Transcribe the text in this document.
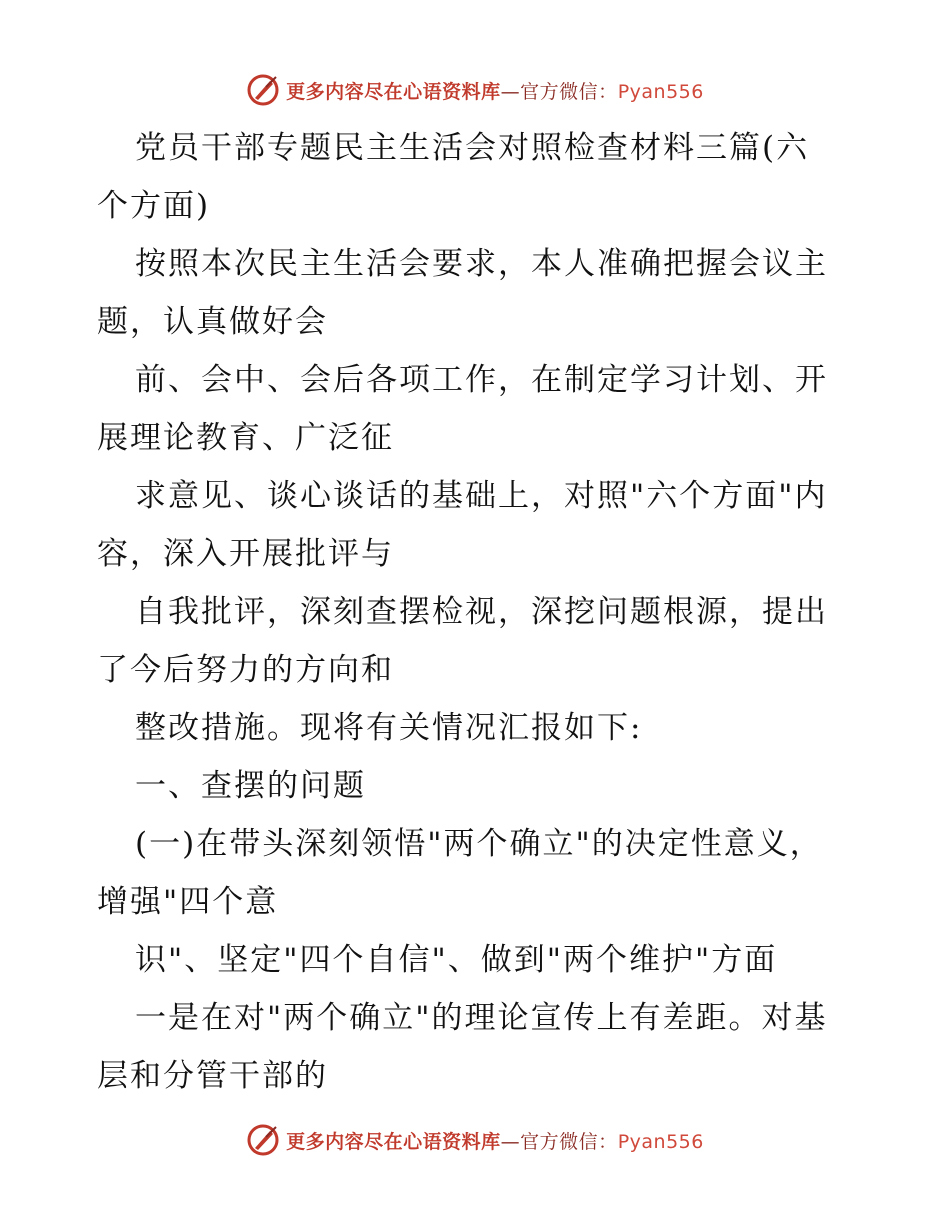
更多内容尽在心语资料库—官方微信：Pyan556
党员干部专题民主生活会对照检查材料三篇(六
个方面)
按照本次民主生活会要求，本人准确把握会议主
题，认真做好会
前、会中、会后各项工作，在制定学习计划、开
展理论教育、广泛征
求意见、谈心谈话的基础上，对照"六个方面"内
容，深入开展批评与
自我批评，深刻查摆检视，深挖问题根源，提出
了今后努力的方向和
整改措施。现将有关情况汇报如下:
一、查摆的问题
(一)在带头深刻领悟"两个确立"的决定性意义，
增强"四个意
识"、坚定"四个自信"、做到"两个维护"方面
一是在对"两个确立"的理论宣传上有差距。对基
层和分管干部的
更多内容尽在心语资料库—官方微信：Pyan556
